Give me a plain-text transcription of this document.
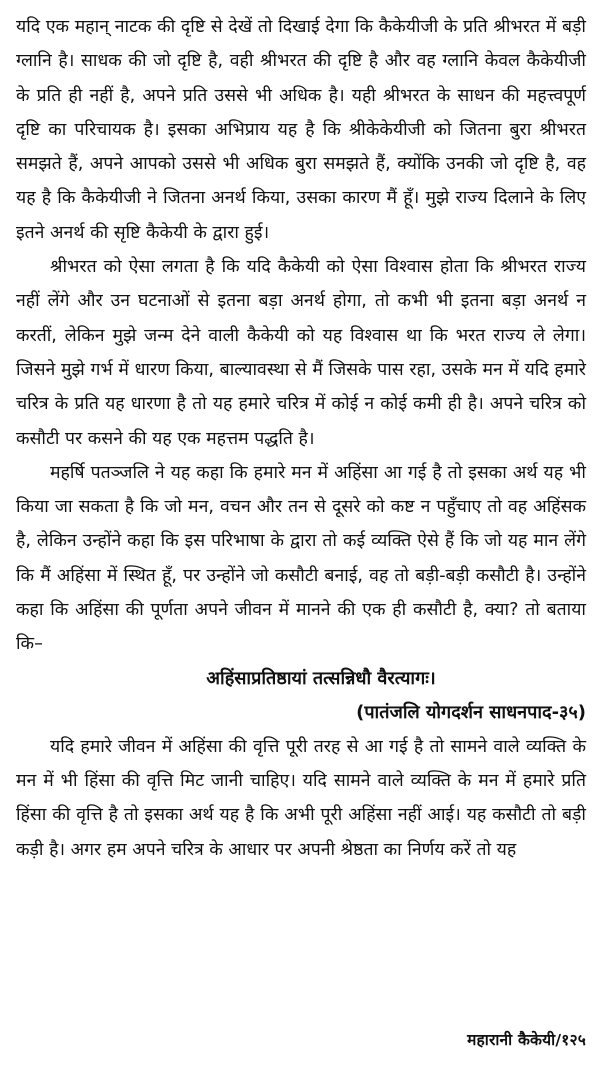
यदि एक महान् नाटक की दृष्टि से देखें तो दिखाई देगा कि कैकेयीजी के प्रति श्रीभरत में बड़ी ग्लानि है। साधक की जो दृष्टि है, वही श्रीभरत की दृष्टि है और वह ग्लानि केवल कैकेयीजी के प्रति ही नहीं है, अपने प्रति उससे भी अधिक है। यही श्रीभरत के साधन की महत्त्वपूर्ण दृष्टि का परिचायक है। इसका अभिप्राय यह है कि श्रीकेकेयीजी को जितना बुरा श्रीभरत समझते हैं, अपने आपको उससे भी अधिक बुरा समझते हैं, क्योंकि उनकी जो दृष्टि है, वह यह है कि कैकेयीजी ने जितना अनर्थ किया, उसका कारण मैं हूँ। मुझे राज्य दिलाने के लिए इतने अनर्थ की सृष्टि कैकेयी के द्वारा हुई।

श्रीभरत को ऐसा लगता है कि यदि कैकेयी को ऐसा विश्वास होता कि श्रीभरत राज्य नहीं लेंगे और उन घटनाओं से इतना बड़ा अनर्थ होगा, तो कभी भी इतना बड़ा अनर्थ न करतीं, लेकिन मुझे जन्म देने वाली कैकेयी को यह विश्वास था कि भरत राज्य ले लेगा। जिसने मुझे गर्भ में धारण किया, बाल्यावस्था से मैं जिसके पास रहा, उसके मन में यदि हमारे चरित्र के प्रति यह धारणा है तो यह हमारे चरित्र में कोई न कोई कमी ही है। अपने चरित्र को कसौटी पर कसने की यह एक महत्तम पद्धति है।

महर्षि पतञ्जलि ने यह कहा कि हमारे मन में अहिंसा आ गई है तो इसका अर्थ यह भी किया जा सकता है कि जो मन, वचन और तन से दूसरे को कष्ट न पहुँचाए तो वह अहिंसक है, लेकिन उन्होंने कहा कि इस परिभाषा के द्वारा तो कई व्यक्ति ऐसे हैं कि जो यह मान लेंगे कि मैं अहिंसा में स्थित हूँ, पर उन्होंने जो कसौटी बनाई, वह तो बड़ी-बड़ी कसौटी है। उन्होंने कहा कि अहिंसा की पूर्णता अपने जीवन में मानने की एक ही कसौटी है, क्या? तो बताया कि–

अहिंसाप्रतिष्ठायां तत्सन्निधौ वैरत्यागः।

(पातंजलि योगदर्शन साधनपाद-३५)

यदि हमारे जीवन में अहिंसा की वृत्ति पूरी तरह से आ गई है तो सामने वाले व्यक्ति के मन में भी हिंसा की वृत्ति मिट जानी चाहिए। यदि सामने वाले व्यक्ति के मन में हमारे प्रति हिंसा की वृत्ति है तो इसका अर्थ यह है कि अभी पूरी अहिंसा नहीं आई। यह कसौटी तो बड़ी कड़ी है। अगर हम अपने चरित्र के आधार पर अपनी श्रेष्ठता का निर्णय करें तो यह

महारानी कैकेयी/१२५
